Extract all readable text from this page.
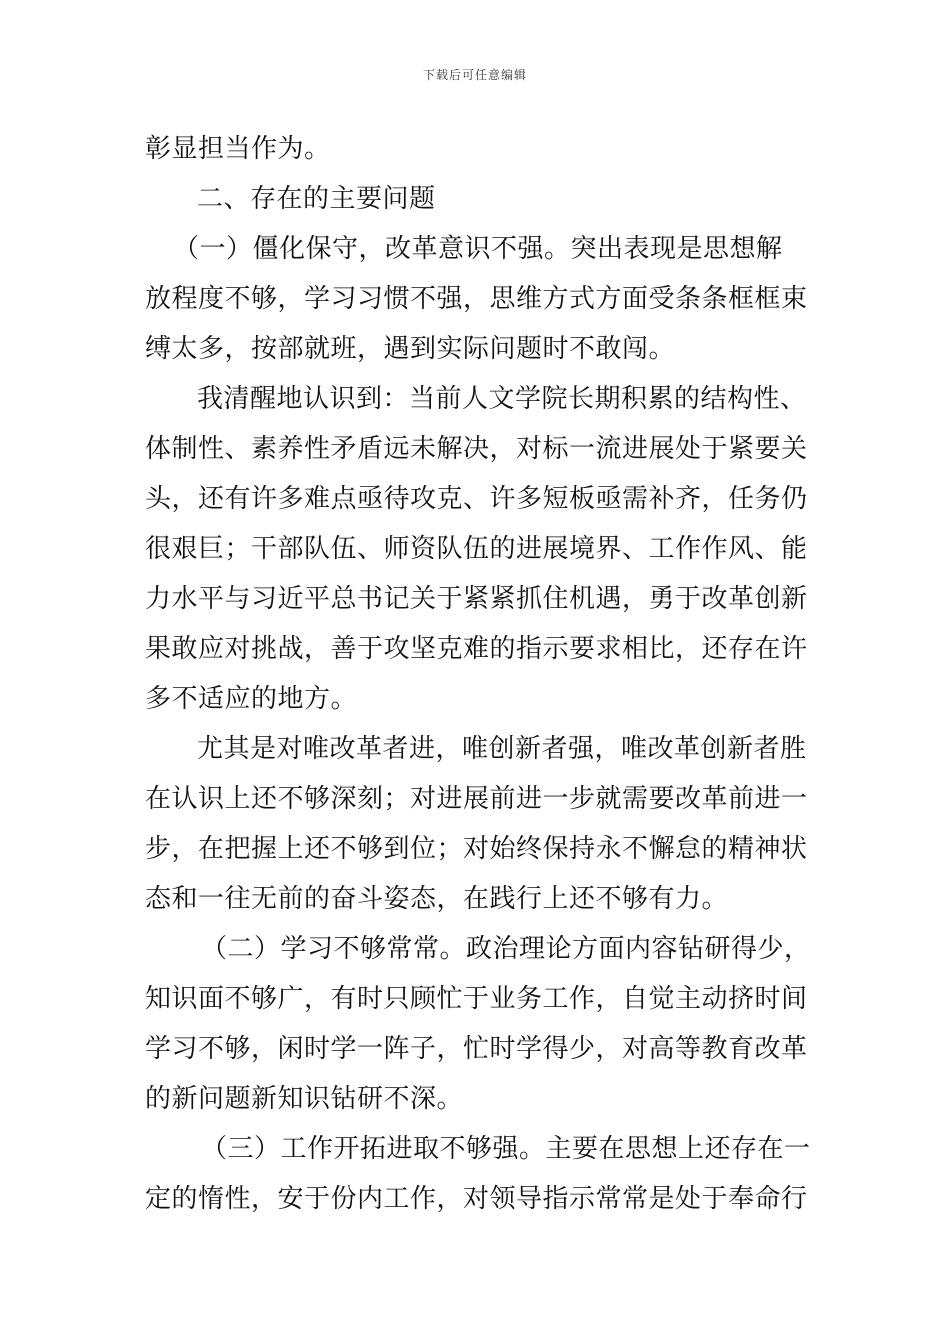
下载后可任意编辑
彰显担当作为。
二、存在的主要问题
（一）僵化保守，改革意识不强。突出表现是思想解
放程度不够，学习习惯不强，思维方式方面受条条框框束
缚太多，按部就班，遇到实际问题时不敢闯。
我清醒地认识到：当前人文学院长期积累的结构性、
体制性、素养性矛盾远未解决，对标一流进展处于紧要关
头，还有许多难点亟待攻克、许多短板亟需补齐，任务仍
很艰巨；干部队伍、师资队伍的进展境界、工作作风、能
力水平与习近平总书记关于紧紧抓住机遇，勇于改革创新
果敢应对挑战，善于攻坚克难的指示要求相比，还存在许
多不适应的地方。
尤其是对唯改革者进，唯创新者强，唯改革创新者胜
在认识上还不够深刻；对进展前进一步就需要改革前进一
步，在把握上还不够到位；对始终保持永不懈怠的精神状
态和一往无前的奋斗姿态，在践行上还不够有力。
（二）学习不够常常。政治理论方面内容钻研得少，
知识面不够广，有时只顾忙于业务工作，自觉主动挤时间
学习不够，闲时学一阵子，忙时学得少，对高等教育改革
的新问题新知识钻研不深。
（三）工作开拓进取不够强。主要在思想上还存在一
定的惰性，安于份内工作，对领导指示常常是处于奉命行
